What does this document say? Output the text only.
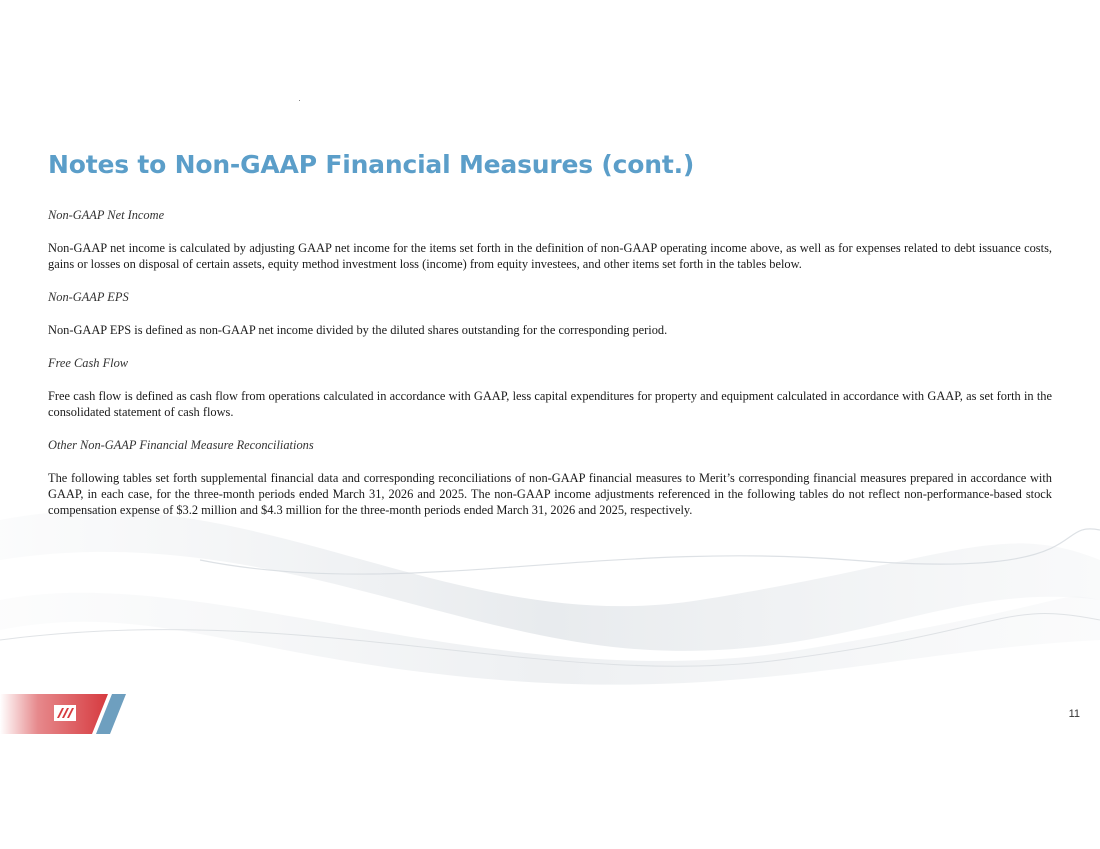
Notes to Non-GAAP Financial Measures (cont.)

Non-GAAP Net Income

Non-GAAP net income is calculated by adjusting GAAP net income for the items set forth in the definition of non-GAAP operating income above, as well as for expenses related to debt issuance costs, gains or losses on disposal of certain assets, equity method investment loss (income) from equity investees, and other items set forth in the tables below.

Non-GAAP EPS

Non-GAAP EPS is defined as non-GAAP net income divided by the diluted shares outstanding for the corresponding period.

Free Cash Flow

Free cash flow is defined as cash flow from operations calculated in accordance with GAAP, less capital expenditures for property and equipment calculated in accordance with GAAP, as set forth in the consolidated statement of cash flows.

Other Non-GAAP Financial Measure Reconciliations

The following tables set forth supplemental financial data and corresponding reconciliations of non-GAAP financial measures to Merit’s corresponding financial measures prepared in accordance with GAAP, in each case, for the three-month periods ended March 31, 2026 and 2025. The non-GAAP income adjustments referenced in the following tables do not reflect non-performance-based stock compensation expense of $3.2 million and $4.3 million for the three-month periods ended March 31, 2026 and 2025, respectively.

11
